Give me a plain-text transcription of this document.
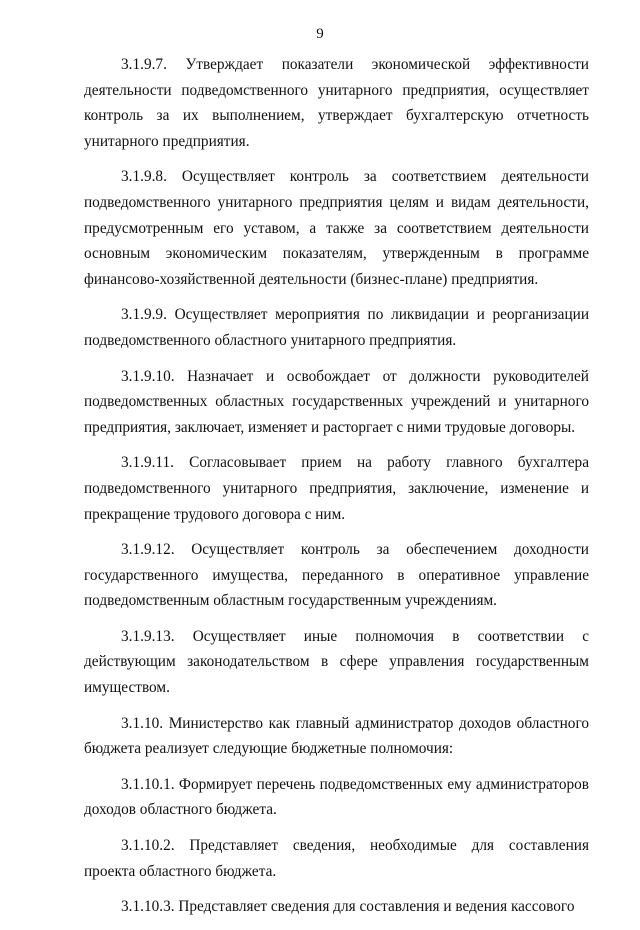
9

3.1.9.7. Утверждает показатели экономической эффективности деятельности подведомственного унитарного предприятия, осуществляет контроль за их выполнением, утверждает бухгалтерскую отчетность унитарного предприятия.

3.1.9.8. Осуществляет контроль за соответствием деятельности подведомственного унитарного предприятия целям и видам деятельности, предусмотренным его уставом, а также за соответствием деятельности основным экономическим показателям, утвержденным в программе финансово-хозяйственной деятельности (бизнес-плане) предприятия.

3.1.9.9. Осуществляет мероприятия по ликвидации и реорганизации подведомственного областного унитарного предприятия.

3.1.9.10. Назначает и освобождает от должности руководителей подведомственных областных государственных учреждений и унитарного предприятия, заключает, изменяет и расторгает с ними трудовые договоры.

3.1.9.11. Согласовывает прием на работу главного бухгалтера подведомственного унитарного предприятия, заключение, изменение и прекращение трудового договора с ним.

3.1.9.12. Осуществляет контроль за обеспечением доходности государственного имущества, переданного в оперативное управление подведомственным областным государственным учреждениям.

3.1.9.13. Осуществляет иные полномочия в соответствии с действующим законодательством в сфере управления государственным имуществом.

3.1.10. Министерство как главный администратор доходов областного бюджета реализует следующие бюджетные полномочия:

3.1.10.1. Формирует перечень подведомственных ему администраторов доходов областного бюджета.

3.1.10.2. Представляет сведения, необходимые для составления проекта областного бюджета.

3.1.10.3. Представляет сведения для составления и ведения кассового
